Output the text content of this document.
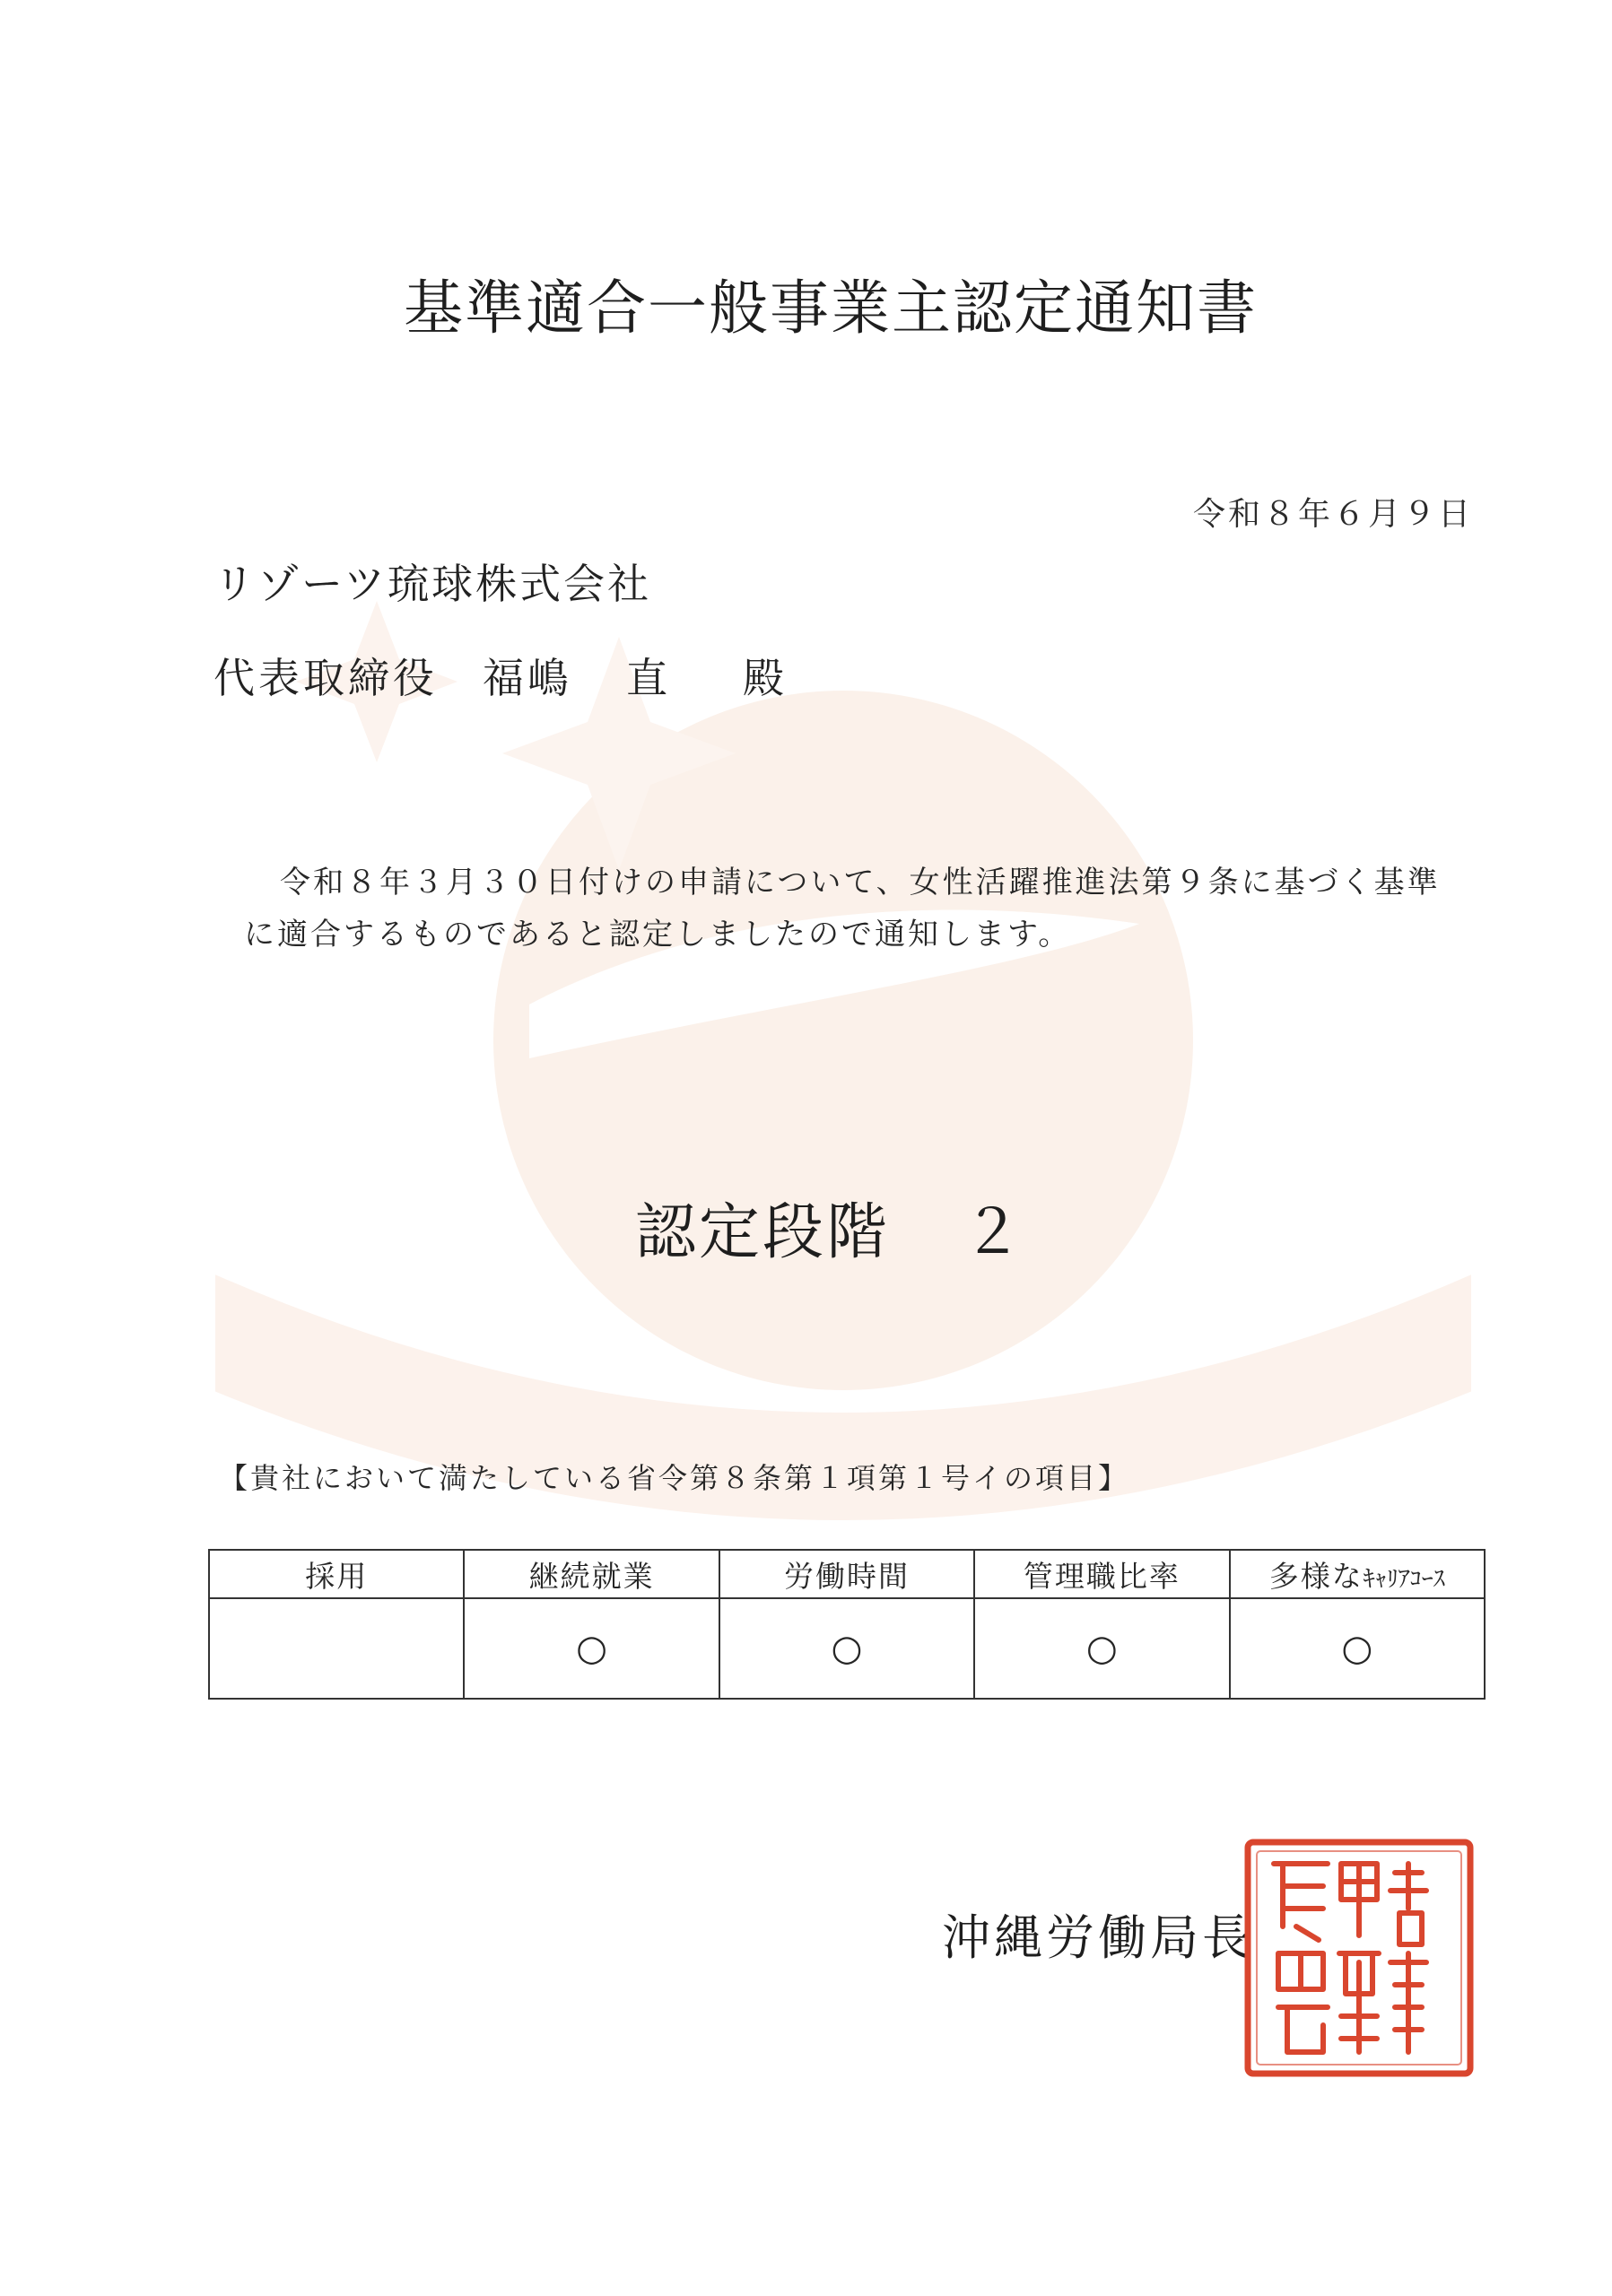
基準適合一般事業主認定通知書
令和８年６月９日
リゾーツ琉球株式会社
代表取締役 福嶋 直 殿
令和８年３月３０日付けの申請について、女性活躍推進法第９条に基づく基準
に適合するものであると認定しましたので通知します。
認定段階 ２
【貴社において満たしている省令第８条第１項第１号イの項目】
採用	継続就業	労働時間	管理職比率	多様なｷｬﾘｱｺｰｽ
	○	○	○	○
沖縄労働局長
